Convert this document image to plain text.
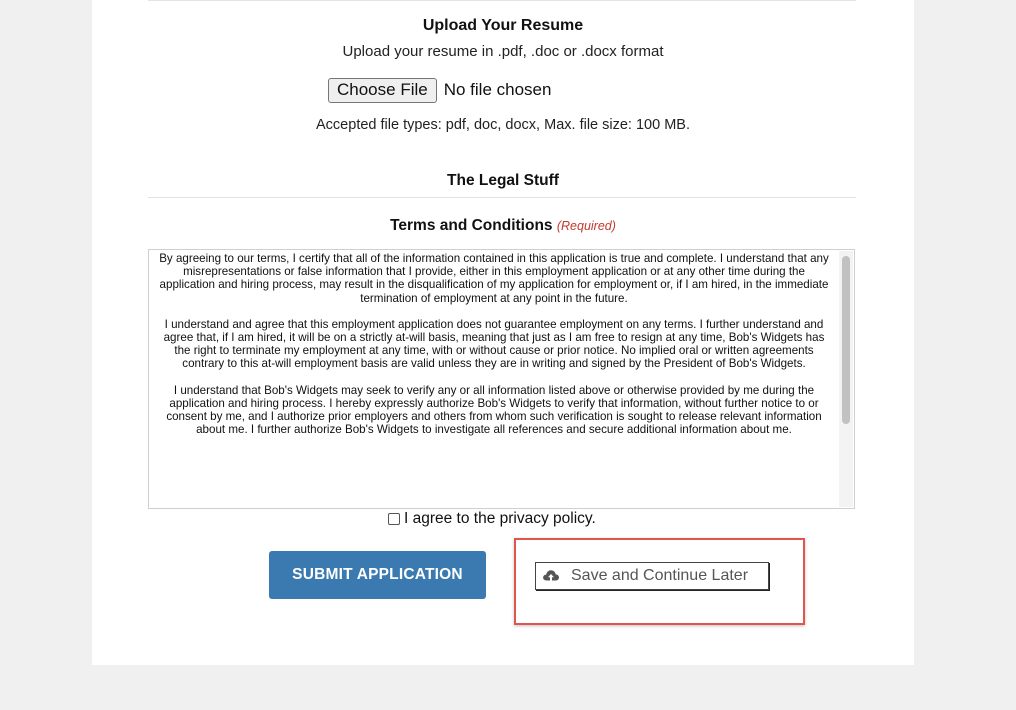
Upload Your Resume
Upload your resume in .pdf, .doc or .docx format
Choose File No file chosen
Accepted file types: pdf, doc, docx, Max. file size: 100 MB.
The Legal Stuff
Terms and Conditions (Required)

By agreeing to our terms, I certify that all of the information contained in this application is true and complete. I understand that any misrepresentations or false information that I provide, either in this employment application or at any other time during the application and hiring process, may result in the disqualification of my application for employment or, if I am hired, in the immediate termination of employment at any point in the future.

I understand and agree that this employment application does not guarantee employment on any terms. I further understand and agree that, if I am hired, it will be on a strictly at-will basis, meaning that just as I am free to resign at any time, Bob's Widgets has the right to terminate my employment at any time, with or without cause or prior notice. No implied oral or written agreements contrary to this at-will employment basis are valid unless they are in writing and signed by the President of Bob's Widgets.

I understand that Bob's Widgets may seek to verify any or all information listed above or otherwise provided by me during the application and hiring process. I hereby expressly authorize Bob's Widgets to verify that information, without further notice to or consent by me, and I authorize prior employers and others from whom such verification is sought to release relevant information about me. I further authorize Bob's Widgets to investigate all references and secure additional information about me.

I agree to the privacy policy.
SUBMIT APPLICATION	Save and Continue Later
